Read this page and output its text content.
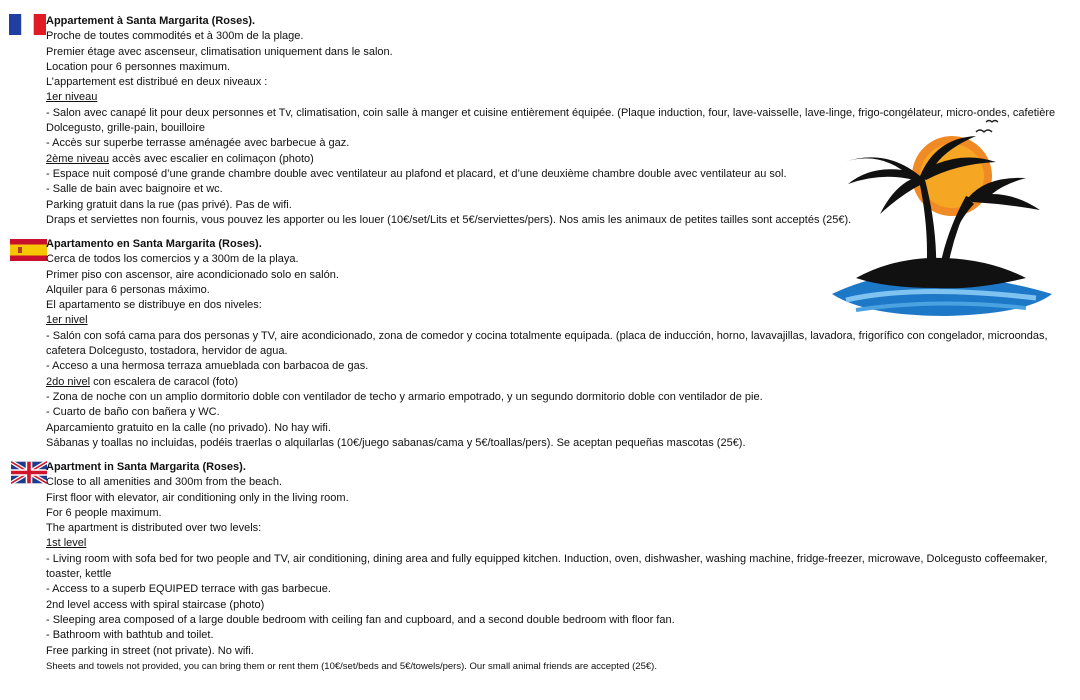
Appartement à Santa Margarita (Roses).
Proche de toutes commodités et à 300m de la plage.
Premier étage avec ascenseur, climatisation uniquement dans le salon.
Location pour 6 personnes maximum.
L’appartement est distribué en deux niveaux :
1er niveau
- Salon avec canapé lit pour deux personnes et Tv, climatisation, coin salle à manger et cuisine entièrement équipée. (Plaque induction, four, lave-vaisselle, lave-linge, frigo-congélateur, micro-ondes, cafetière Dolcegusto, grille-pain, bouilloire
- Accès sur superbe terrasse aménagée avec barbecue à gaz.
2ème niveau accès avec escalier en colimaçon (photo)
- Espace nuit composé d’une grande chambre double avec ventilateur au plafond et placard, et d’une deuxième chambre double avec ventilateur au sol.
- Salle de bain avec baignoire et wc.
Parking gratuit dans la rue (pas privé). Pas de wifi.
Draps et serviettes non fournis, vous pouvez les apporter ou les louer (10€/set/Lits et 5€/serviettes/pers). Nos amis les animaux de petites tailles sont acceptés (25€).
Apartamento en Santa Margarita (Roses).
Cerca de todos los comercios y a 300m de la playa.
Primer piso con ascensor, aire acondicionado solo en salón.
Alquiler para 6 personas máximo.
El apartamento se distribuye en dos niveles:
1er nivel
- Salón con sofá cama para dos personas y TV, aire acondicionado, zona de comedor y cocina totalmente equipada. (placa de inducción, horno, lavavajillas, lavadora, frigorífico con congelador, microondas, cafetera Dolcegusto, tostadora, hervidor de agua.
- Acceso a una hermosa terraza amueblada con barbacoa de gas.
2do nivel con escalera de caracol (foto)
- Zona de noche con un amplio dormitorio doble con ventilador de techo y armario empotrado, y un segundo dormitorio doble con ventilador de pie.
- Cuarto de baño con bañera y WC.
Aparcamiento gratuito en la calle (no privado). No hay wifi.
Sábanas y toallas no incluidas, podéis traerlas o alquilarlas (10€/juego sabanas/cama y 5€/toallas/pers). Se aceptan pequeñas mascotas (25€).
Apartment in Santa Margarita (Roses).
Close to all amenities and 300m from the beach.
First floor with elevator, air conditioning only in the living room.
For 6 people maximum.
The apartment is distributed over two levels:
1st level
- Living room with sofa bed for two people and TV, air conditioning, dining area and fully equipped kitchen. Induction, oven, dishwasher, washing machine, fridge-freezer, microwave, Dolcegusto coffeemaker, toaster, kettle
- Access to a superb EQUIPED terrace with gas barbecue.
2nd level access with spiral staircase (photo)
- Sleeping area composed of a large double bedroom with ceiling fan and cupboard, and a second double bedroom with floor fan.
- Bathroom with bathtub and toilet.
Free parking in street (not private). No wifi.
Sheets and towels not provided, you can bring them or rent them (10€/set/beds and 5€/towels/pers). Our small animal friends are accepted (25€).
